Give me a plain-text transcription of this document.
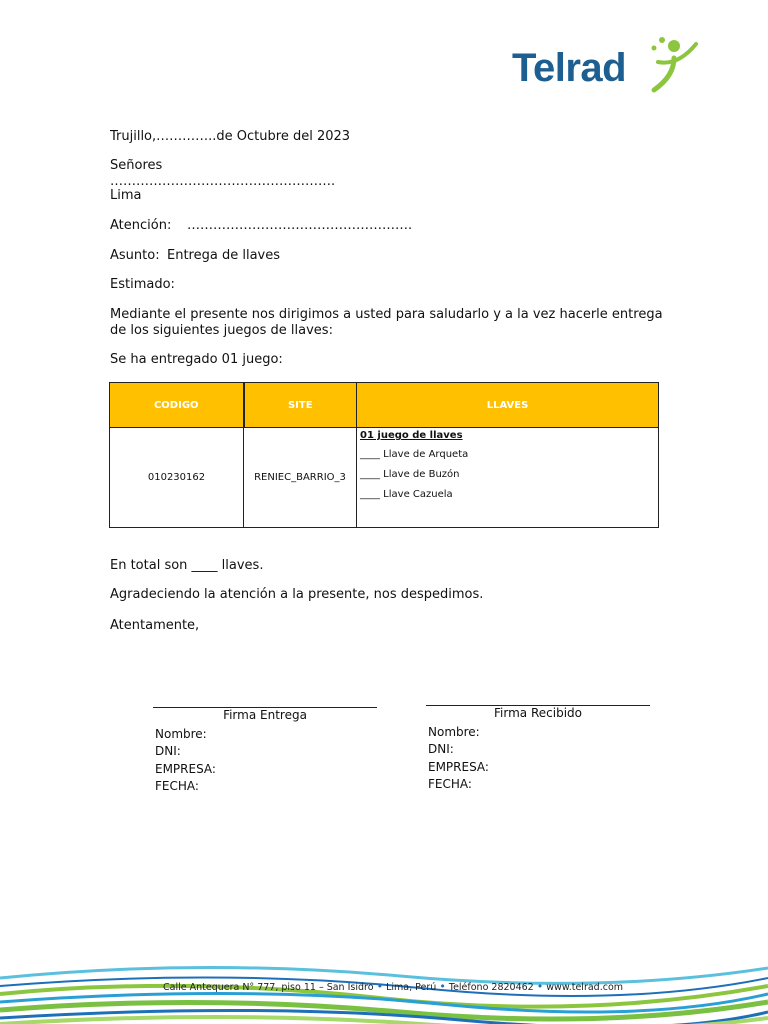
Telrad
Trujillo,…………..de Octubre del 2023
Señores
…………………………………………….
Lima
Atención: …………………………………………….
Asunto: Entrega de llaves
Estimado:
Mediante el presente nos dirigimos a usted para saludarlo y a la vez hacerle entrega de los siguientes juegos de llaves:
Se ha entregado 01 juego:
CODIGO	SITE	LLAVES
010230162	RENIEC_BARRIO_3	01 juego de llaves
____ Llave de Arqueta
____ Llave de Buzón
____ Llave Cazuela
En total son ____ llaves.
Agradeciendo la atención a la presente, nos despedimos.
Atentamente,
Firma Entrega
Nombre:
DNI:
EMPRESA:
FECHA:
Firma Recibido
Nombre:
DNI:
EMPRESA:
FECHA:
Calle Antequera N° 777, piso 11 – San Isidro • Lima, Perú • Teléfono 2820462 • www.telrad.com
